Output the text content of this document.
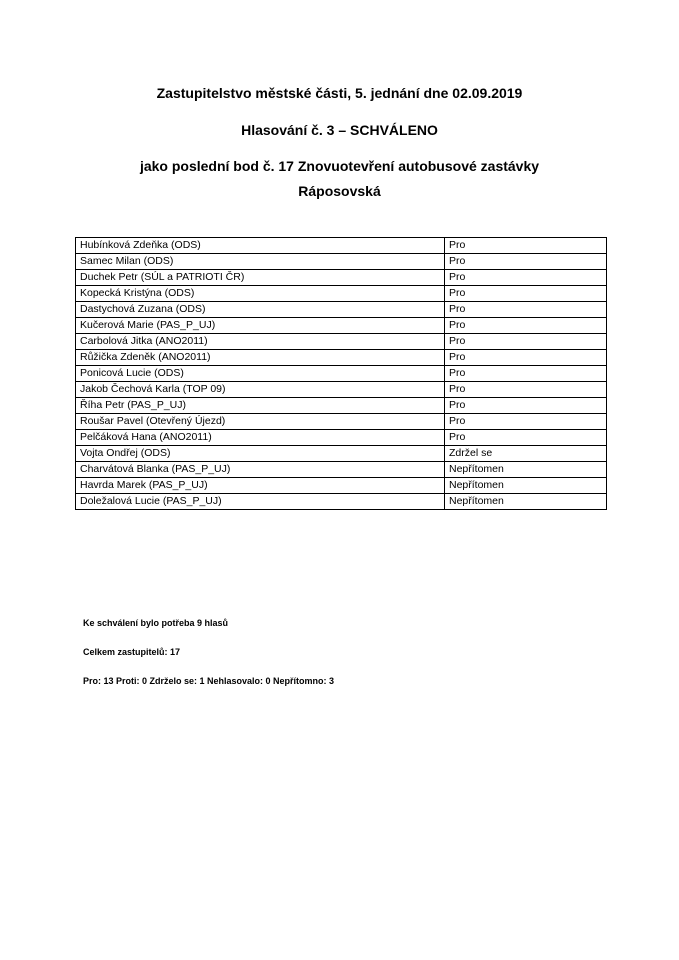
Zastupitelstvo městské části, 5. jednání dne 02.09.2019
Hlasování č. 3 – SCHVÁLENO
jako poslední bod č. 17 Znovuotevření autobusové zastávky
Ráposovská
Hubínková Zdeňka (ODS)	Pro
Samec Milan (ODS)	Pro
Duchek Petr (SÚL a PATRIOTI ČR)	Pro
Kopecká Kristýna (ODS)	Pro
Dastychová Zuzana (ODS)	Pro
Kučerová Marie (PAS_P_UJ)	Pro
Carbolová Jitka (ANO2011)	Pro
Růžička Zdeněk (ANO2011)	Pro
Ponicová Lucie (ODS)	Pro
Jakob Čechová Karla (TOP 09)	Pro
Říha Petr (PAS_P_UJ)	Pro
Roušar Pavel (Otevřený Újezd)	Pro
Pelčáková Hana (ANO2011)	Pro
Vojta Ondřej (ODS)	Zdržel se
Charvátová Blanka (PAS_P_UJ)	Nepřítomen
Havrda Marek (PAS_P_UJ)	Nepřítomen
Doležalová Lucie (PAS_P_UJ)	Nepřítomen
Ke schválení bylo potřeba 9 hlasů
Celkem zastupitelů: 17
Pro: 13 Proti: 0 Zdrželo se: 1 Nehlasovalo: 0 Nepřítomno: 3
